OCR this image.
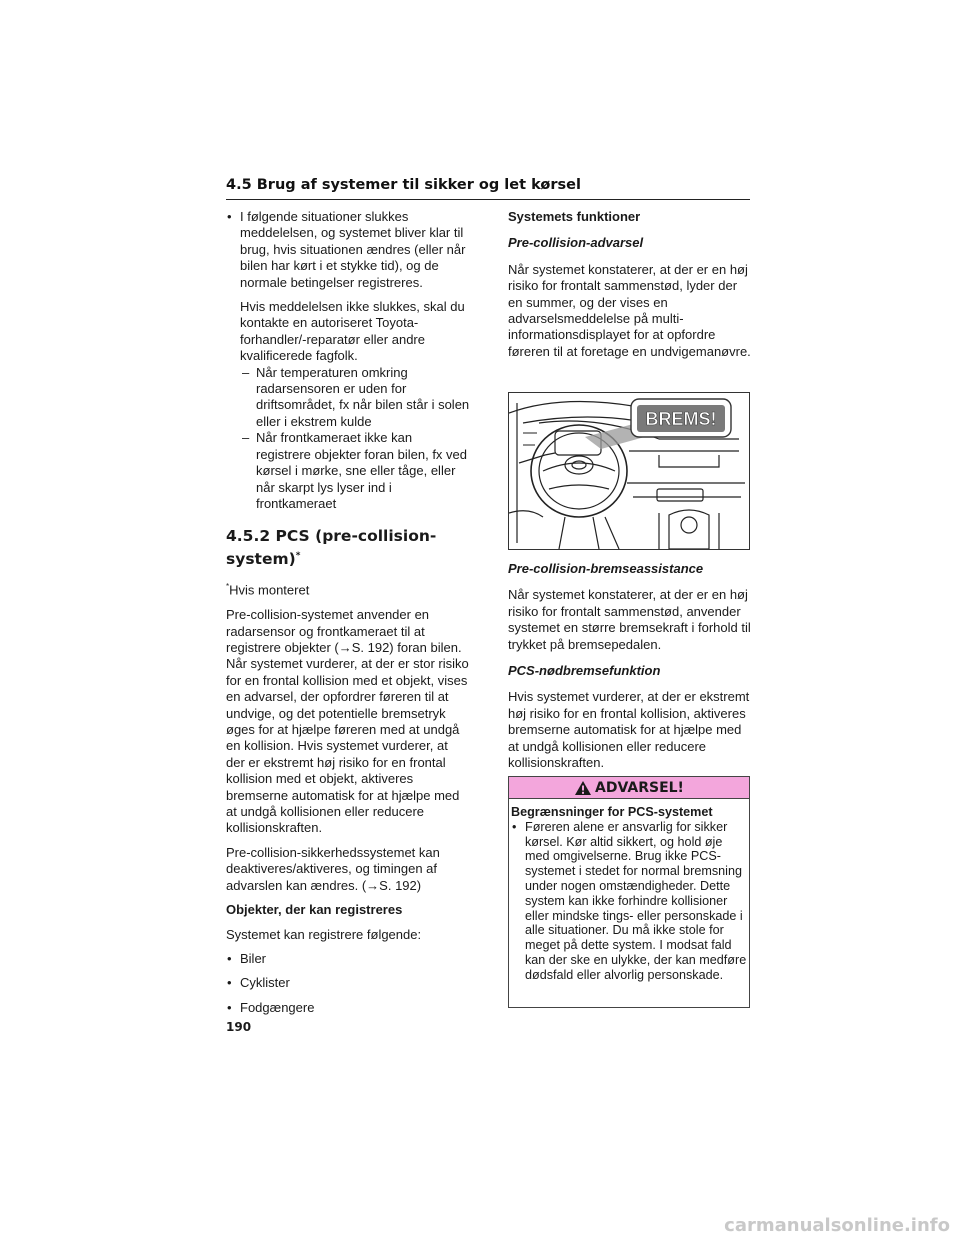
4.5 Brug af systemer til sikker og let kørsel

• I følgende situationer slukkes meddelelsen, og systemet bliver klar til brug, hvis situationen ændres (eller når bilen har kørt i et stykke tid), og de normale betingelser registreres.

Hvis meddelelsen ikke slukkes, skal du kontakte en autoriseret Toyota-forhandler/-reparatør eller andre kvalificerede fagfolk.

– Når temperaturen omkring radarsensoren er uden for driftsområdet, fx når bilen står i solen eller i ekstrem kulde

– Når frontkameraet ikke kan registrere objekter foran bilen, fx ved kørsel i mørke, sne eller tåge, eller når skarpt lys lyser ind i frontkameraet

4.5.2 PCS (pre-collision-system)*

*Hvis monteret

Pre-collision-systemet anvender en radarsensor og frontkameraet til at registrere objekter (→S. 192) foran bilen. Når systemet vurderer, at der er stor risiko for en frontal kollision med et objekt, vises en advarsel, der opfordrer føreren til at undvige, og det potentielle bremsetryk øges for at hjælpe føreren med at undgå en kollision. Hvis systemet vurderer, at der er ekstremt høj risiko for en frontal kollision med et objekt, aktiveres bremserne automatisk for at hjælpe med at undgå kollisionen eller reducere kollisionskraften.

Pre-collision-sikkerhedssystemet kan deaktiveres/aktiveres, og timingen af advarslen kan ændres. (→S. 192)

Objekter, der kan registreres

Systemet kan registrere følgende:

• Biler

• Cyklister

• Fodgængere

Systemets funktioner

Pre-collision-advarsel

Når systemet konstaterer, at der er en høj risiko for frontalt sammenstød, lyder der en summer, og der vises en advarselsmeddelelse på multi-informationsdisplayet for at opfordre føreren til at foretage en undvigemanøvre.

BREMS!

Pre-collision-bremseassistance

Når systemet konstaterer, at der er en høj risiko for frontalt sammenstød, anvender systemet en større bremsekraft i forhold til trykket på bremsepedalen.

PCS-nødbremsefunktion

Hvis systemet vurderer, at der er ekstremt høj risiko for en frontal kollision, aktiveres bremserne automatisk for at hjælpe med at undgå kollisionen eller reducere kollisionskraften.

ADVARSEL!

Begrænsninger for PCS-systemet

• Føreren alene er ansvarlig for sikker kørsel. Kør altid sikkert, og hold øje med omgivelserne. Brug ikke PCS-systemet i stedet for normal bremsning under nogen omstændigheder. Dette system kan ikke forhindre kollisioner eller mindske tings- eller personskade i alle situationer. Du må ikke stole for meget på dette system. I modsat fald kan der ske en ulykke, der kan medføre dødsfald eller alvorlig personskade.

190
carmanualsonline.info
